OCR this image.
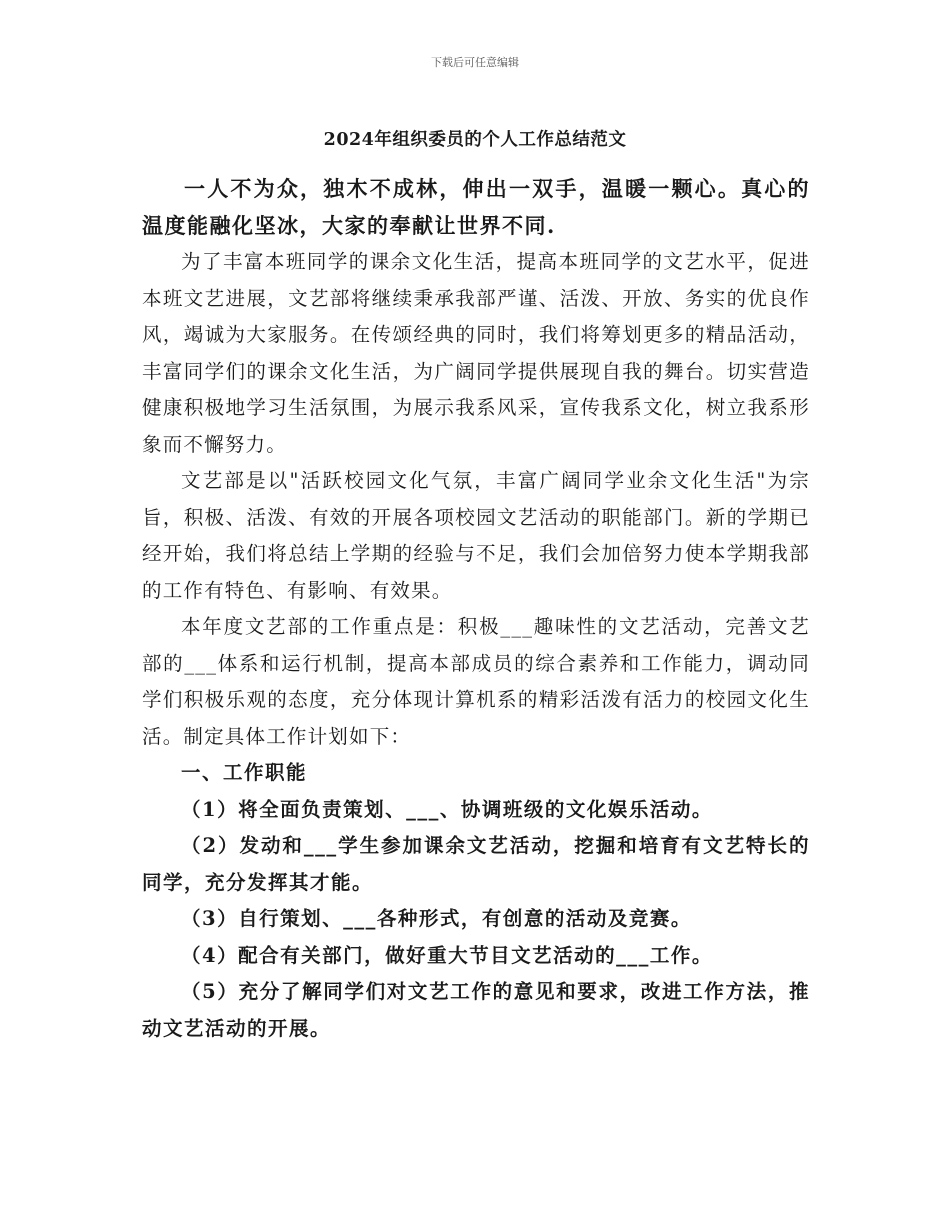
下载后可任意编辑
2024年组织委员的个人工作总结范文

一人不为众，独木不成林，伸出一双手，温暖一颗心。真心的温度能融化坚冰，大家的奉献让世界不同.

为了丰富本班同学的课余文化生活，提高本班同学的文艺水平，促进本班文艺进展，文艺部将继续秉承我部严谨、活泼、开放、务实的优良作风，竭诚为大家服务。在传颂经典的同时，我们将筹划更多的精品活动，丰富同学们的课余文化生活，为广阔同学提供展现自我的舞台。切实营造健康积极地学习生活氛围，为展示我系风采，宣传我系文化，树立我系形象而不懈努力。

文艺部是以"活跃校园文化气氛，丰富广阔同学业余文化生活"为宗旨，积极、活泼、有效的开展各项校园文艺活动的职能部门。新的学期已经开始，我们将总结上学期的经验与不足，我们会加倍努力使本学期我部的工作有特色、有影响、有效果。

本年度文艺部的工作重点是：积极___趣味性的文艺活动，完善文艺部的___体系和运行机制，提高本部成员的综合素养和工作能力，调动同学们积极乐观的态度，充分体现计算机系的精彩活泼有活力的校园文化生活。制定具体工作计划如下：

一、工作职能

（1）将全面负责策划、___、协调班级的文化娱乐活动。

（2）发动和___学生参加课余文艺活动，挖掘和培育有文艺特长的同学，充分发挥其才能。

（3）自行策划、___各种形式，有创意的活动及竞赛。

（4）配合有关部门，做好重大节目文艺活动的___工作。

（5）充分了解同学们对文艺工作的意见和要求，改进工作方法，推动文艺活动的开展。
